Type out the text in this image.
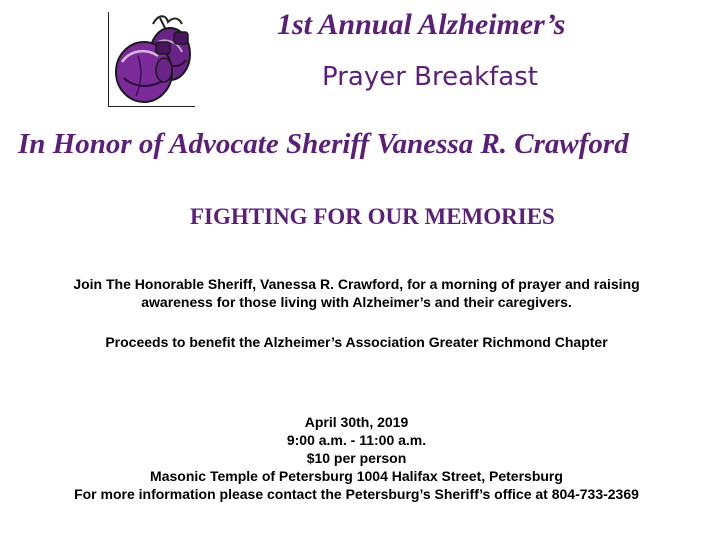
1st Annual Alzheimer’s
Prayer Breakfast
In Honor of Advocate Sheriff Vanessa R. Crawford
FIGHTING FOR OUR MEMORIES
Join The Honorable Sheriff, Vanessa R. Crawford, for a morning of prayer and raising
awareness for those living with Alzheimer’s and their caregivers.
Proceeds to benefit the Alzheimer’s Association Greater Richmond Chapter
April 30th, 2019
9:00 a.m. - 11:00 a.m.
$10 per person
Masonic Temple of Petersburg 1004 Halifax Street, Petersburg
For more information please contact the Petersburg’s Sheriff’s office at 804-733-2369
